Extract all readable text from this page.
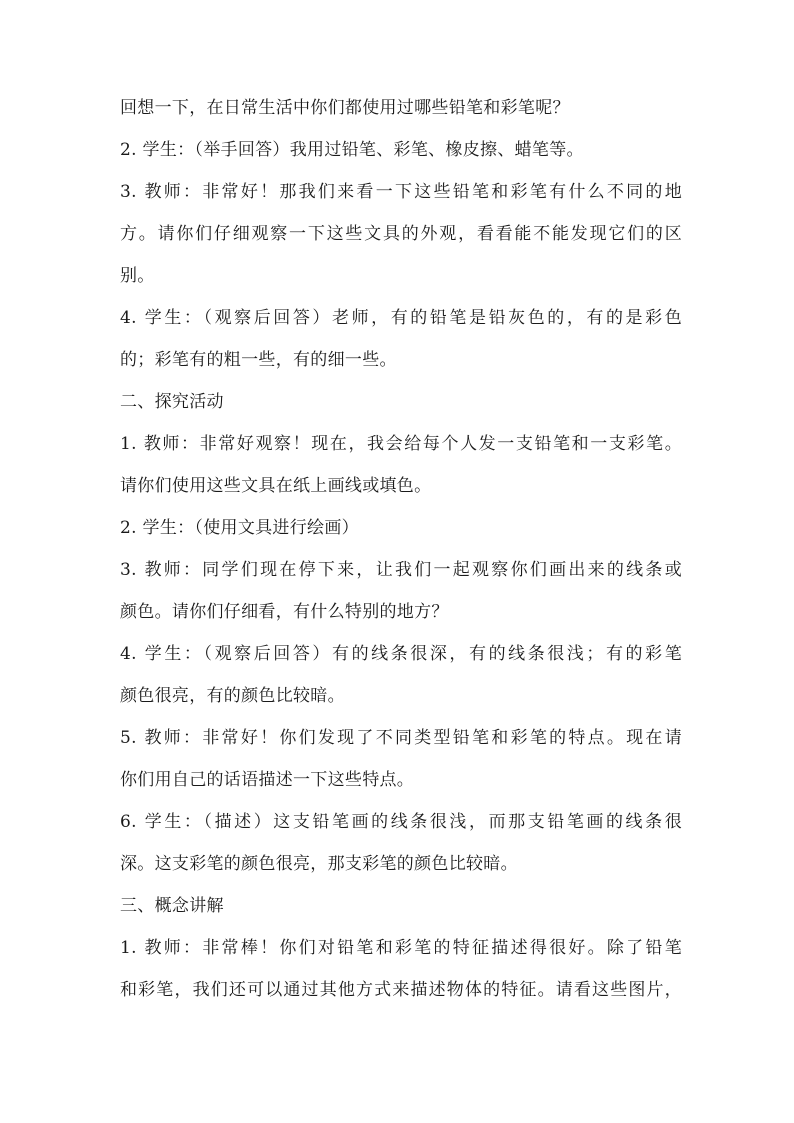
回想一下，在日常生活中你们都使用过哪些铅笔和彩笔呢？
2. 学生：（举手回答）我用过铅笔、彩笔、橡皮擦、蜡笔等。
3. 教师：非常好！那我们来看一下这些铅笔和彩笔有什么不同的地
方。请你们仔细观察一下这些文具的外观，看看能不能发现它们的区
别。
4. 学生：（观察后回答）老师，有的铅笔是铅灰色的，有的是彩色
的；彩笔有的粗一些，有的细一些。
二、探究活动
1. 教师：非常好观察！现在，我会给每个人发一支铅笔和一支彩笔。
请你们使用这些文具在纸上画线或填色。
2. 学生：（使用文具进行绘画）
3. 教师：同学们现在停下来，让我们一起观察你们画出来的线条或
颜色。请你们仔细看，有什么特别的地方？
4. 学生：（观察后回答）有的线条很深，有的线条很浅；有的彩笔
颜色很亮，有的颜色比较暗。
5. 教师：非常好！你们发现了不同类型铅笔和彩笔的特点。现在请
你们用自己的话语描述一下这些特点。
6. 学生：（描述）这支铅笔画的线条很浅，而那支铅笔画的线条很
深。这支彩笔的颜色很亮，那支彩笔的颜色比较暗。
三、概念讲解
1. 教师：非常棒！你们对铅笔和彩笔的特征描述得很好。除了铅笔
和彩笔，我们还可以通过其他方式来描述物体的特征。请看这些图片，
